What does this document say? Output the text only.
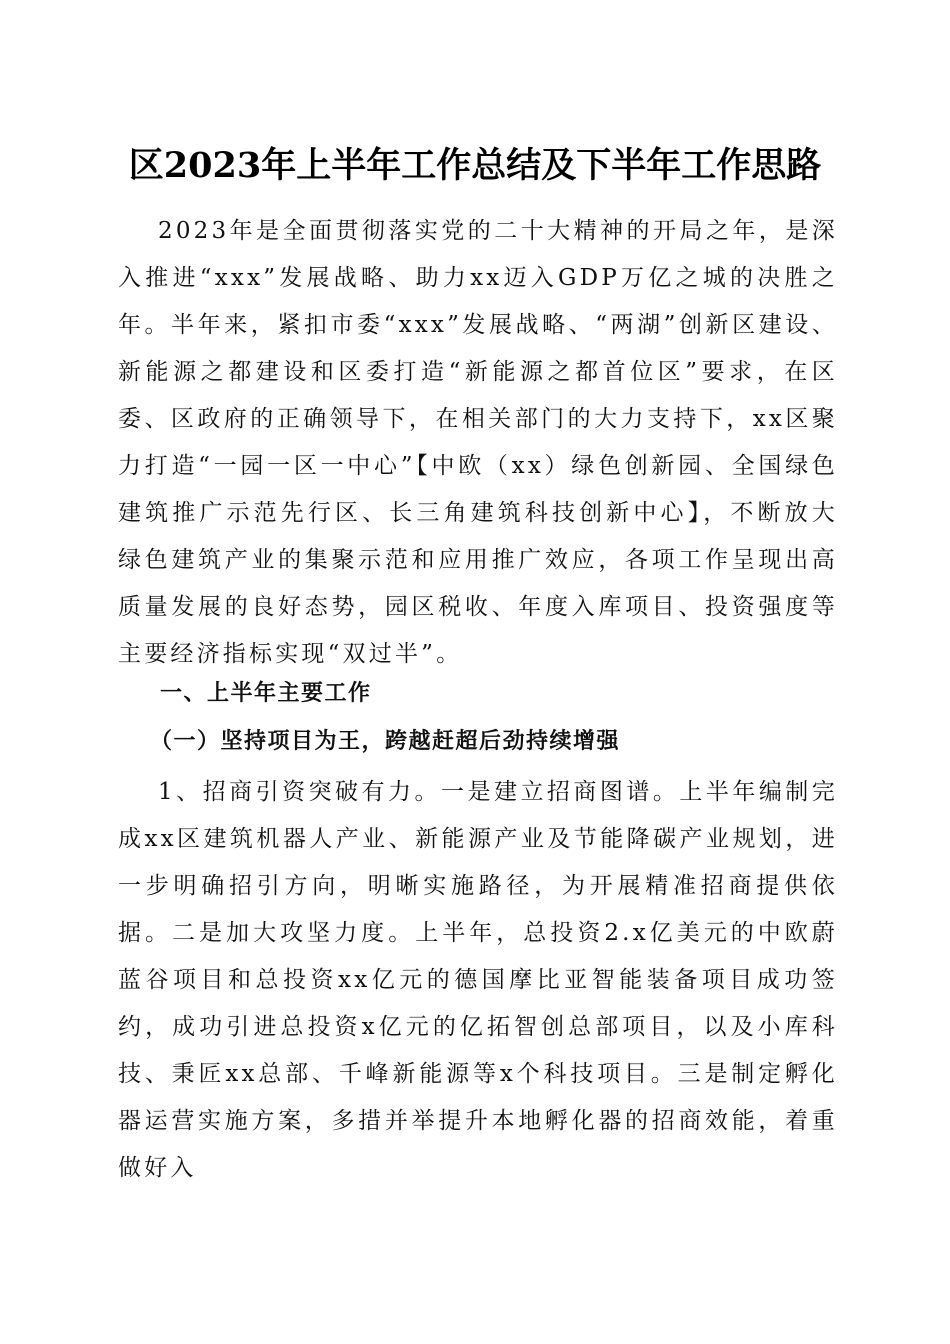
区2023年上半年工作总结及下半年工作思路

2023年是全面贯彻落实党的二十大精神的开局之年，是深入推进“xxx”发展战略、助力xx迈入GDP万亿之城的决胜之年。半年来，紧扣市委“xxx”发展战略、“两湖”创新区建设、新能源之都建设和区委打造“新能源之都首位区”要求，在区委、区政府的正确领导下，在相关部门的大力支持下，xx区聚力打造“一园一区一中心”【中欧（xx）绿色创新园、全国绿色建筑推广示范先行区、长三角建筑科技创新中心】，不断放大绿色建筑产业的集聚示范和应用推广效应，各项工作呈现出高质量发展的良好态势，园区税收、年度入库项目、投资强度等主要经济指标实现“双过半”。

一、上半年主要工作
（一）坚持项目为王，跨越赶超后劲持续增强

1、招商引资突破有力。一是建立招商图谱。上半年编制完成xx区建筑机器人产业、新能源产业及节能降碳产业规划，进一步明确招引方向，明晰实施路径，为开展精准招商提供依据。二是加大攻坚力度。上半年，总投资2.x亿美元的中欧蔚蓝谷项目和总投资xx亿元的德国摩比亚智能装备项目成功签约，成功引进总投资x亿元的亿拓智创总部项目，以及小库科技、秉匠xx总部、千峰新能源等x个科技项目。三是制定孵化器运营实施方案，多措并举提升本地孵化器的招商效能，着重做好入
